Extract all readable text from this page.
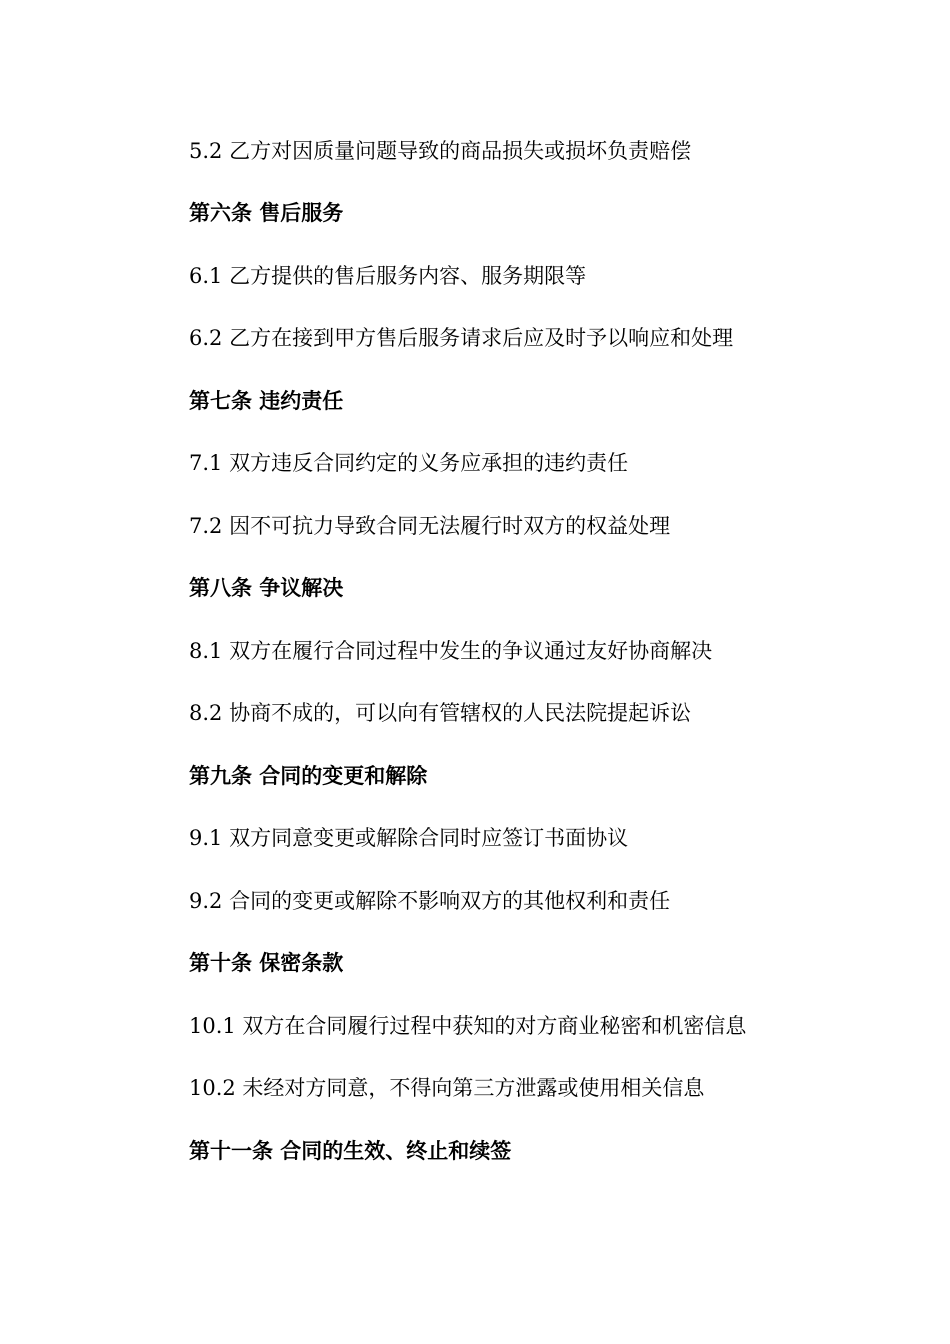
5.2 乙方对因质量问题导致的商品损失或损坏负责赔偿
第六条 售后服务
6.1 乙方提供的售后服务内容、服务期限等
6.2 乙方在接到甲方售后服务请求后应及时予以响应和处理
第七条 违约责任
7.1 双方违反合同约定的义务应承担的违约责任
7.2 因不可抗力导致合同无法履行时双方的权益处理
第八条 争议解决
8.1 双方在履行合同过程中发生的争议通过友好协商解决
8.2 协商不成的，可以向有管辖权的人民法院提起诉讼
第九条 合同的变更和解除
9.1 双方同意变更或解除合同时应签订书面协议
9.2 合同的变更或解除不影响双方的其他权利和责任
第十条 保密条款
10.1 双方在合同履行过程中获知的对方商业秘密和机密信息
10.2 未经对方同意，不得向第三方泄露或使用相关信息
第十一条 合同的生效、终止和续签
